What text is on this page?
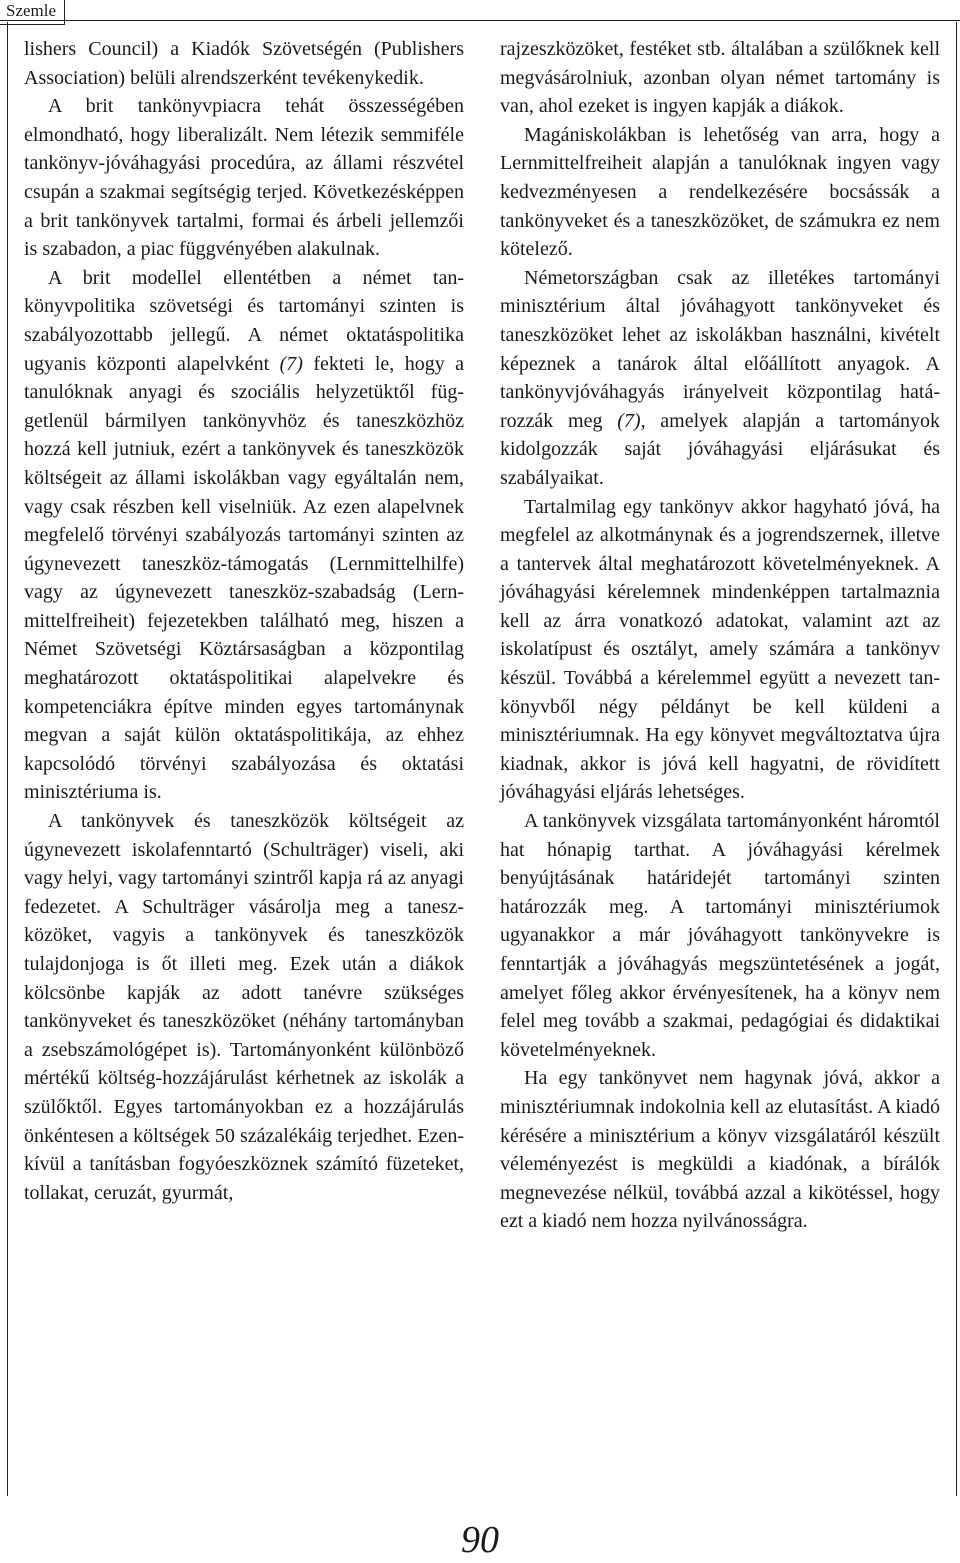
Szemle

lishers Council) a Kiadók Szövetségén (Publishers Association) belüli alrendszerként tevékenykedik.

A brit tankönyvpiacra tehát összességében elmondható, hogy liberalizált. Nem létezik semmiféle tankönyv-jóváhagyási procedúra, az állami részvétel csupán a szakmai segítségig terjed. Következésképpen a brit tankönyvek tartalmi, formai és árbeli jellemzői is szabadon, a piac függvényében alakulnak.

A brit modellel ellentétben a német tankönyvpolitika szövetségi és tartományi szinten is szabályozottabb jellegű. A német oktatáspolitika ugyanis központi alapelvként (7) fekteti le, hogy a tanulóknak anyagi és szociális helyzetüktől függetlenül bármilyen tankönyvhöz és taneszközhöz hozzá kell jutniuk, ezért a tankönyvek és taneszközök költségeit az állami iskolákban vagy egyáltalán nem, vagy csak részben kell viselniük. Az ezen alapelvnek megfelelő törvényi szabályozás tartományi szinten az úgynevezett taneszköz-támogatás (Lernmittelhilfe) vagy az úgynevezett taneszköz-szabadság (Lernmittelfreiheit) fejezetekben található meg, hiszen a Német Szövetségi Köztársaságban a központilag meghatározott oktatáspolitikai alapelvekre és kompetenciákra építve minden egyes tartománynak megvan a saját külön oktatáspolitikája, az ehhez kapcsolódó törvényi szabályozása és oktatási minisztériuma is.

A tankönyvek és taneszközök költségeit az úgynevezett iskolafenntartó (Schulträger) viseli, aki vagy helyi, vagy tartományi szintről kapja rá az anyagi fedezetet. A Schulträger vásárolja meg a taneszközöket, vagyis a tankönyvek és taneszközök tulajdonjoga is őt illeti meg. Ezek után a diákok kölcsönbe kapják az adott tanévre szükséges tankönyveket és taneszközöket (néhány tartományban a zsebszámológépet is). Tartományonként különböző mértékű költség-hozzájárulást kérhetnek az iskolák a szülőktől. Egyes tartományokban ez a hozzájárulás önkéntesen a költségek 50 százalékáig terjedhet. Ezenkívül a tanításban fogyóeszköznek számító füzeteket, tollakat, ceruzát, gyurmát,

rajzeszközöket, festéket stb. általában a szülőknek kell megvásárolniuk, azonban olyan német tartomány is van, ahol ezeket is ingyen kapják a diákok.

Magániskolákban is lehetőség van arra, hogy a Lernmittelfreiheit alapján a tanulóknak ingyen vagy kedvezményesen a rendelkezésére bocsássák a tankönyveket és a taneszközöket, de számukra ez nem kötelező.

Németországban csak az illetékes tartományi minisztérium által jóváhagyott tankönyveket és taneszközöket lehet az iskolákban használni, kivételt képeznek a tanárok által előállított anyagok. A tankönyvjóváhagyás irányelveit központilag határozzák meg (7), amelyek alapján a tartományok kidolgozzák saját jóváhagyási eljárásukat és szabályaikat.

Tartalmilag egy tankönyv akkor hagyható jóvá, ha megfelel az alkotmánynak és a jogrendszernek, illetve a tantervek által meghatározott követelményeknek. A jóváhagyási kérelemnek mindenképpen tartalmaznia kell az árra vonatkozó adatokat, valamint azt az iskolatípust és osztályt, amely számára a tankönyv készül. Továbbá a kérelemmel együtt a nevezett tankönyvből négy példányt be kell küldeni a minisztériumnak. Ha egy könyvet megváltoztatva újra kiadnak, akkor is jóvá kell hagyatni, de rövidített jóváhagyási eljárás lehetséges.

A tankönyvek vizsgálata tartományonként háromtól hat hónapig tarthat. A jóváhagyási kérelmek benyújtásának határidejét tartományi szinten határozzák meg. A tartományi minisztériumok ugyanakkor a már jóváhagyott tankönyvekre is fenntartják a jóváhagyás megszüntetésének a jogát, amelyet főleg akkor érvényesítenek, ha a könyv nem felel meg tovább a szakmai, pedagógiai és didaktikai követelményeknek.

Ha egy tankönyvet nem hagynak jóvá, akkor a minisztériumnak indokolnia kell az elutasítást. A kiadó kérésére a minisztérium a könyv vizsgálatáról készült véleményezést is megküldi a kiadónak, a bírálók megnevezése nélkül, továbbá azzal a kikötéssel, hogy ezt a kiadó nem hozza nyilvánosságra.

90
